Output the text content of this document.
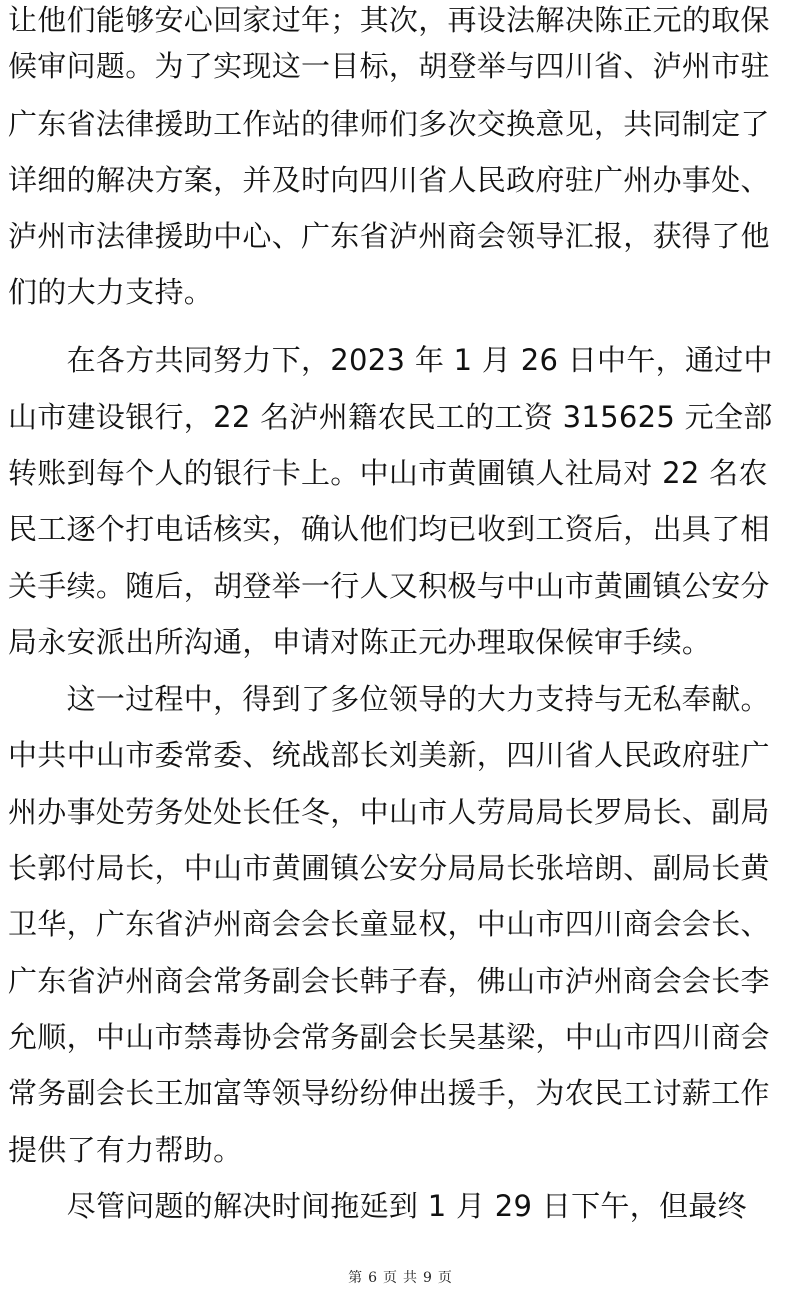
让他们能够安心回家过年；其次，再设法解决陈正元的取保
候审问题。为了实现这一目标，胡登举与四川省、泸州市驻
广东省法律援助工作站的律师们多次交换意见，共同制定了
详细的解决方案，并及时向四川省人民政府驻广州办事处、
泸州市法律援助中心、广东省泸州商会领导汇报，获得了他
们的大力支持。
　　在各方共同努力下，2023 年 1 月 26 日中午，通过中
山市建设银行，22 名泸州籍农民工的工资 315625 元全部
转账到每个人的银行卡上。中山市黄圃镇人社局对 22 名农
民工逐个打电话核实，确认他们均已收到工资后，出具了相
关手续。随后，胡登举一行人又积极与中山市黄圃镇公安分
局永安派出所沟通，申请对陈正元办理取保候审手续。
　　这一过程中，得到了多位领导的大力支持与无私奉献。
中共中山市委常委、统战部长刘美新，四川省人民政府驻广
州办事处劳务处处长任冬，中山市人劳局局长罗局长、副局
长郭付局长，中山市黄圃镇公安分局局长张培朗、副局长黄
卫华，广东省泸州商会会长童显权，中山市四川商会会长、
广东省泸州商会常务副会长韩子春，佛山市泸州商会会长李
允顺，中山市禁毒协会常务副会长吴基梁，中山市四川商会
常务副会长王加富等领导纷纷伸出援手，为农民工讨薪工作
提供了有力帮助。
　　尽管问题的解决时间拖延到 1 月 29 日下午，但最终
第 6 页 共 9 页
